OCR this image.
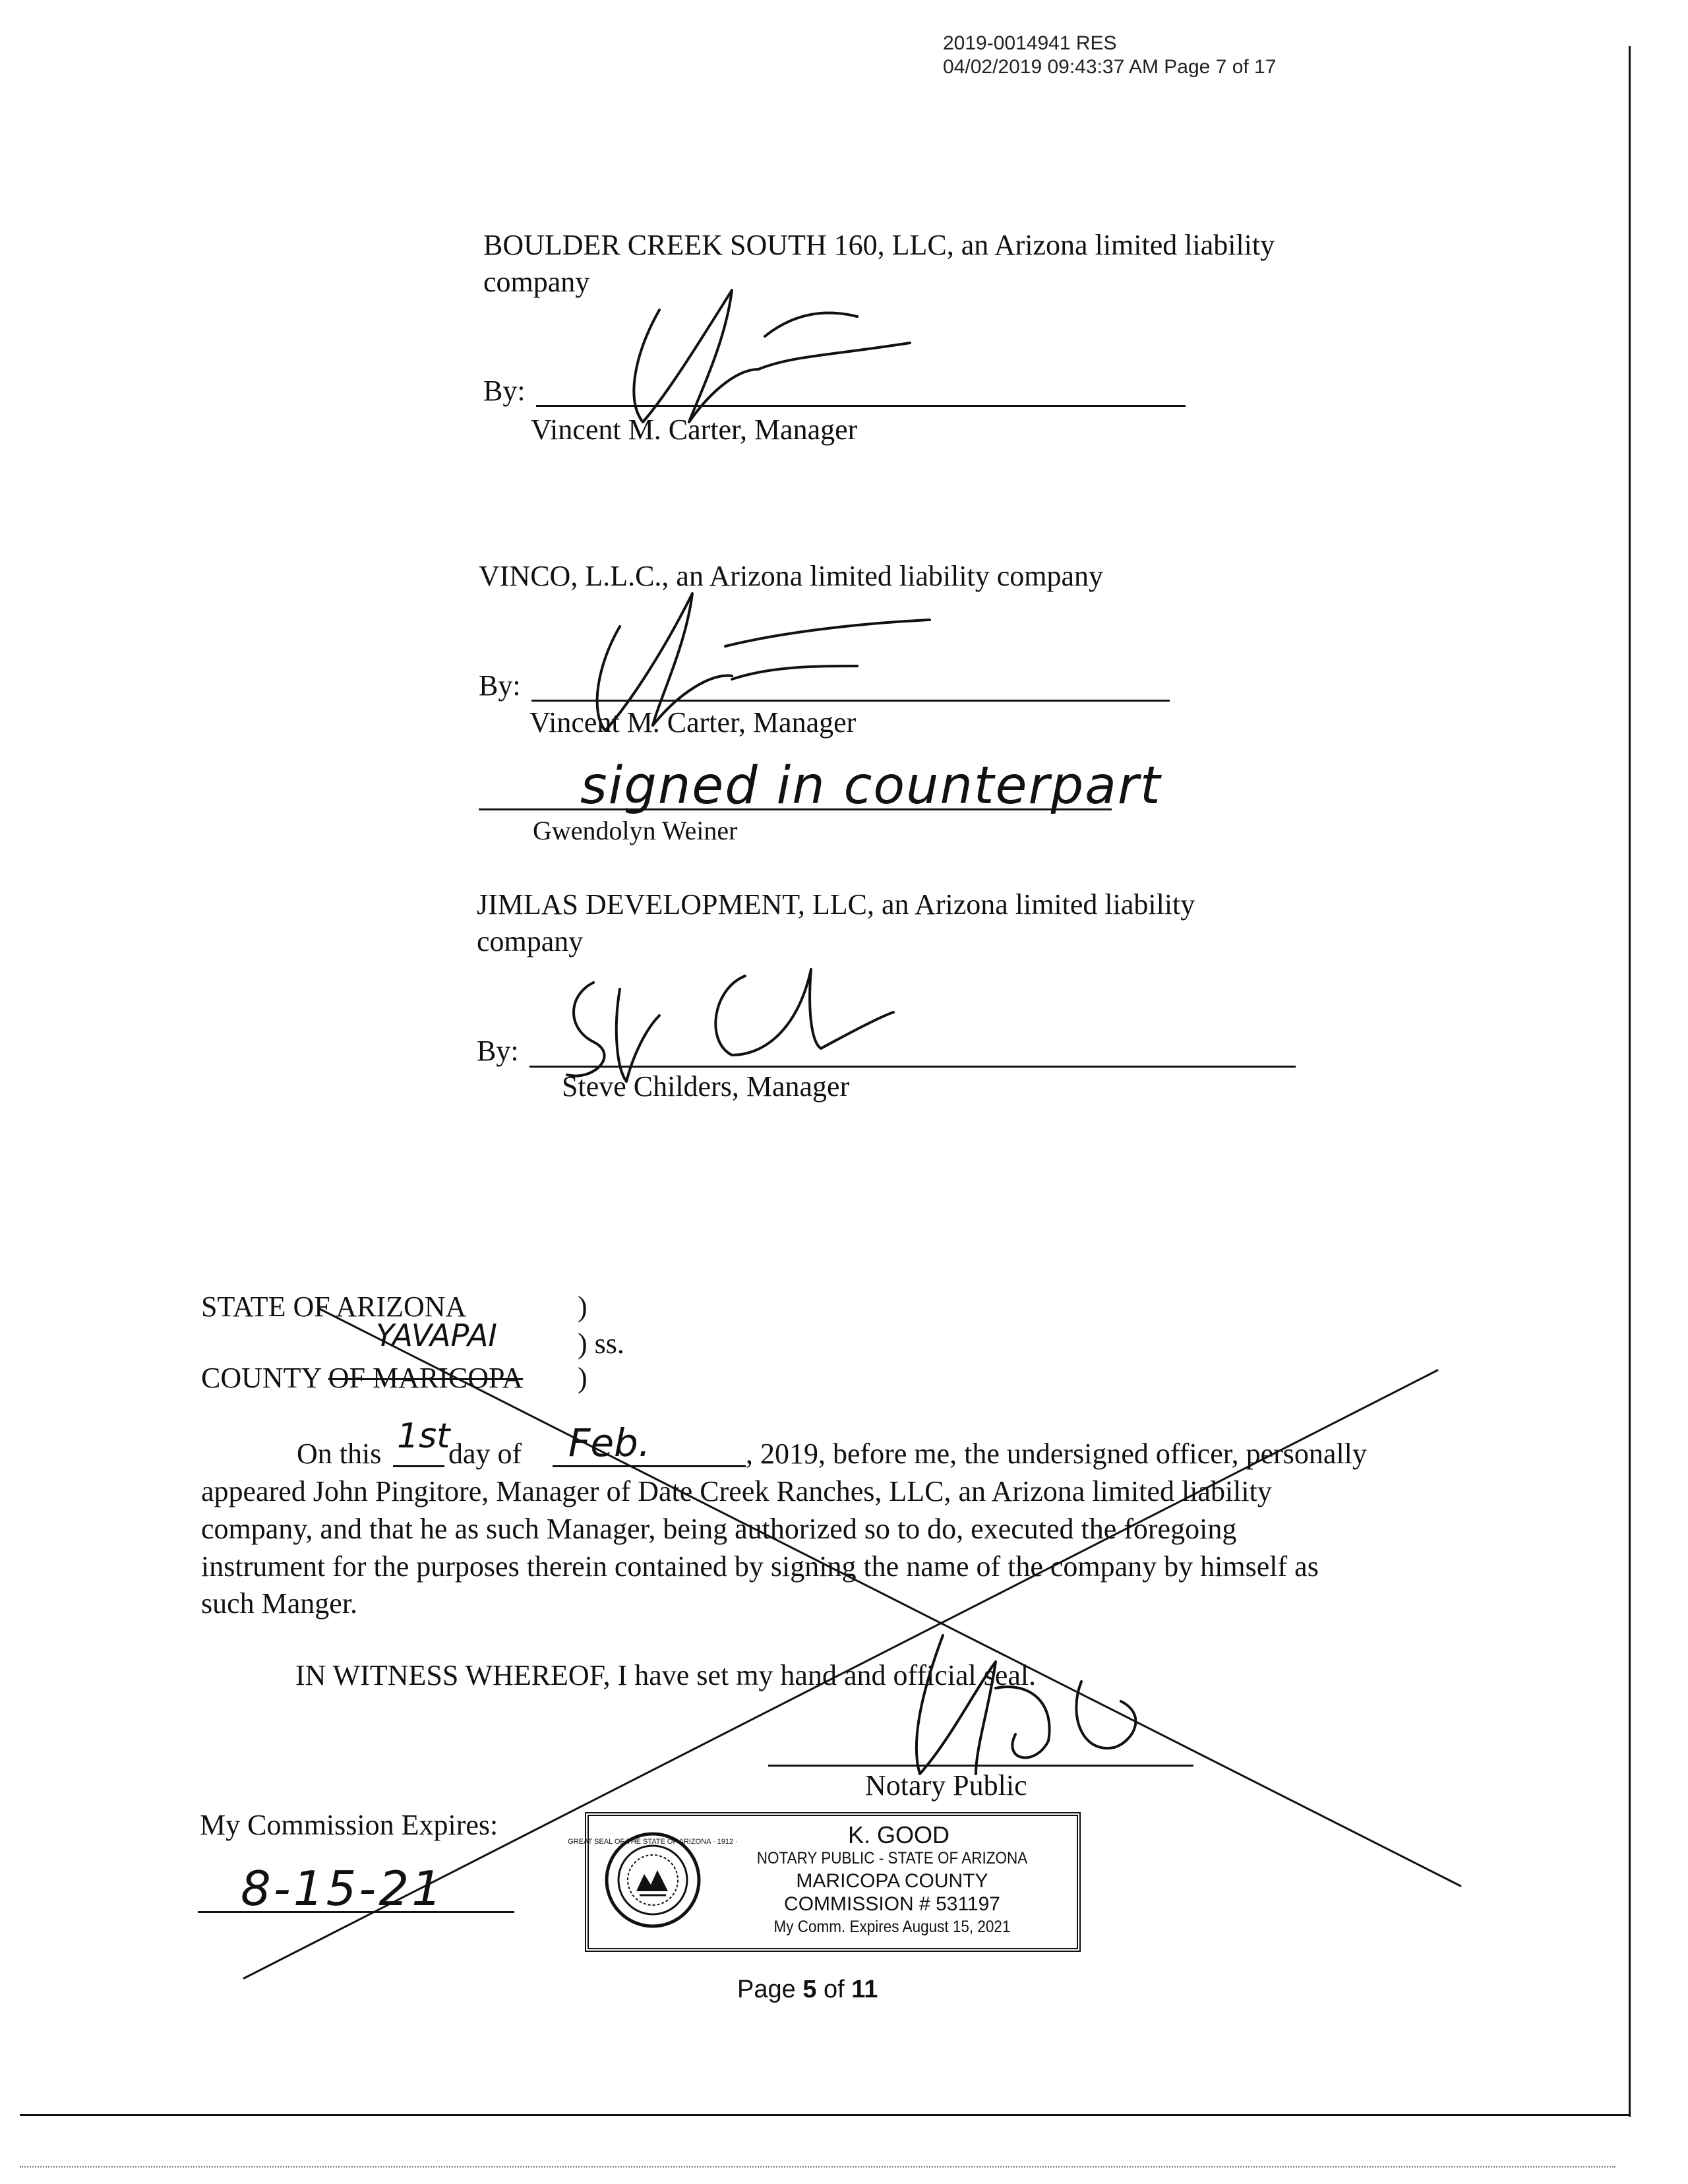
2019-0014941 RES
04/02/2019 09:43:37 AM Page 7 of 17
BOULDER CREEK SOUTH 160, LLC, an Arizona limited liability
company
By:
Vincent M. Carter, Manager
VINCO, L.L.C., an Arizona limited liability company
By:
Vincent M. Carter, Manager
signed in counterpart
Gwendolyn Weiner
JIMLAS DEVELOPMENT, LLC, an Arizona limited liability
company
By:
Steve Childers, Manager
STATE OF ARIZONA	)
YAVAPAI	) ss.
COUNTY OF MARICOPA )
On this 1st
day of Feb.	, 2019, before me, the undersigned officer, personally
appeared John Pingitore, Manager of Date Creek Ranches, LLC, an Arizona limited liability
company, and that he as such Manager, being authorized so to do, executed the foregoing
instrument for the purposes therein contained by signing the name of the company by himself as
such Manger.
IN WITNESS WHEREOF, I have set my hand and official seal.
Notary Public
My Commission Expires:
8-15-21
GREAT SEAL OF THE STATE OF ARIZONA · 1912 ·	K. GOOD
NOTARY PUBLIC - STATE OF ARIZONA
MARICOPA COUNTY
COMMISSION # 531197
My Comm. Expires August 15, 2021
Page 5 of 11
